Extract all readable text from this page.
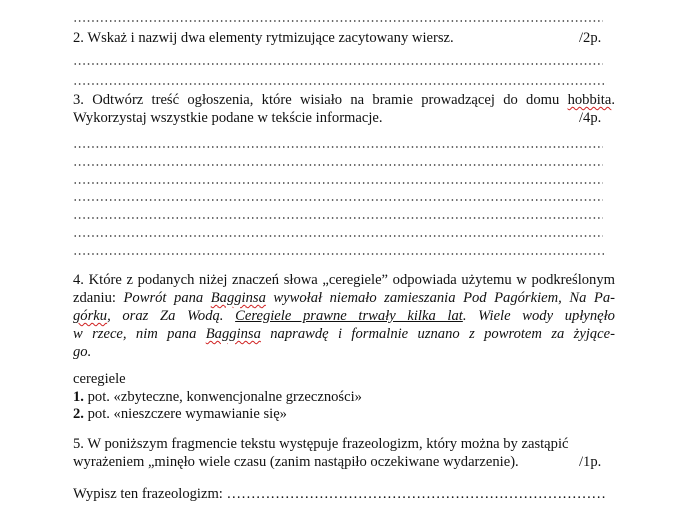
2. Wskaż i nazwij dwa elementy rytmizujące zacytowany wiersz.	/2p.
3. Odtwórz treść ogłoszenia, które wisiało na bramie prowadzącej do domu hobbita.
Wykorzystaj wszystkie podane w tekście informacje.	/4p.
4. Które z podanych niżej znaczeń słowa „ceregiele” odpowiada użytemu w podkreślonym
zdaniu: Powrót pana Bagginsa wywołał niemało zamieszania Pod Pagórkiem, Na Pa-
górku, oraz Za Wodą. Ceregiele prawne trwały kilka lat. Wiele wody upłynęło
w rzece, nim pana Bagginsa naprawdę i formalnie uznano z powrotem za żyjące-
go.
ceregiele
1. pot. «zbyteczne, konwencjonalne grzeczności»
2. pot. «nieszczere wymawianie się»
5. W poniższym fragmencie tekstu występuje frazeologizm, który można by zastąpić
wyrażeniem „minęło wiele czasu (zanim nastąpiło oczekiwane wydarzenie).	/1p.
Wypisz ten frazeologizm: ……………………………………………………………………
